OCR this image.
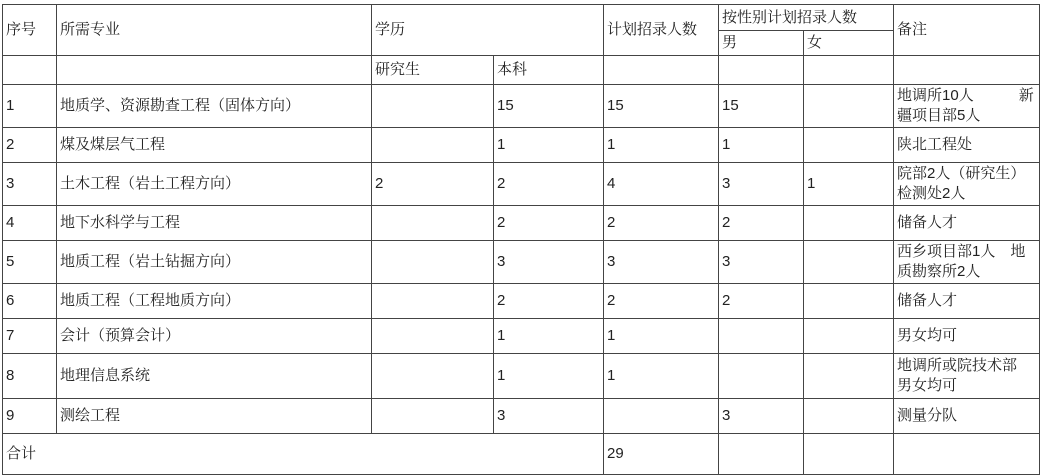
序号	所需专业	学历		计划招录人数	按性别计划招录人数		备注
					男	女	
		研究生	本科				
1	地质学、资源勘查工程（固体方向）		15	15	15		地调所10人　　　新疆项目部5人
2	煤及煤层气工程		1	1	1		陕北工程处
3	土木工程（岩土工程方向）	2	2	4	3	1	院部2人（研究生）检测处2人
4	地下水科学与工程		2	2	2		储备人才
5	地质工程（岩土钻掘方向）		3	3	3		西乡项目部1人　地质勘察所2人
6	地质工程（工程地质方向）		2	2	2		储备人才
7	会计（预算会计）		1	1			男女均可
8	地理信息系统		1	1			地调所或院技术部　男女均可
9	测绘工程		3		3		测量分队
合计				29			
